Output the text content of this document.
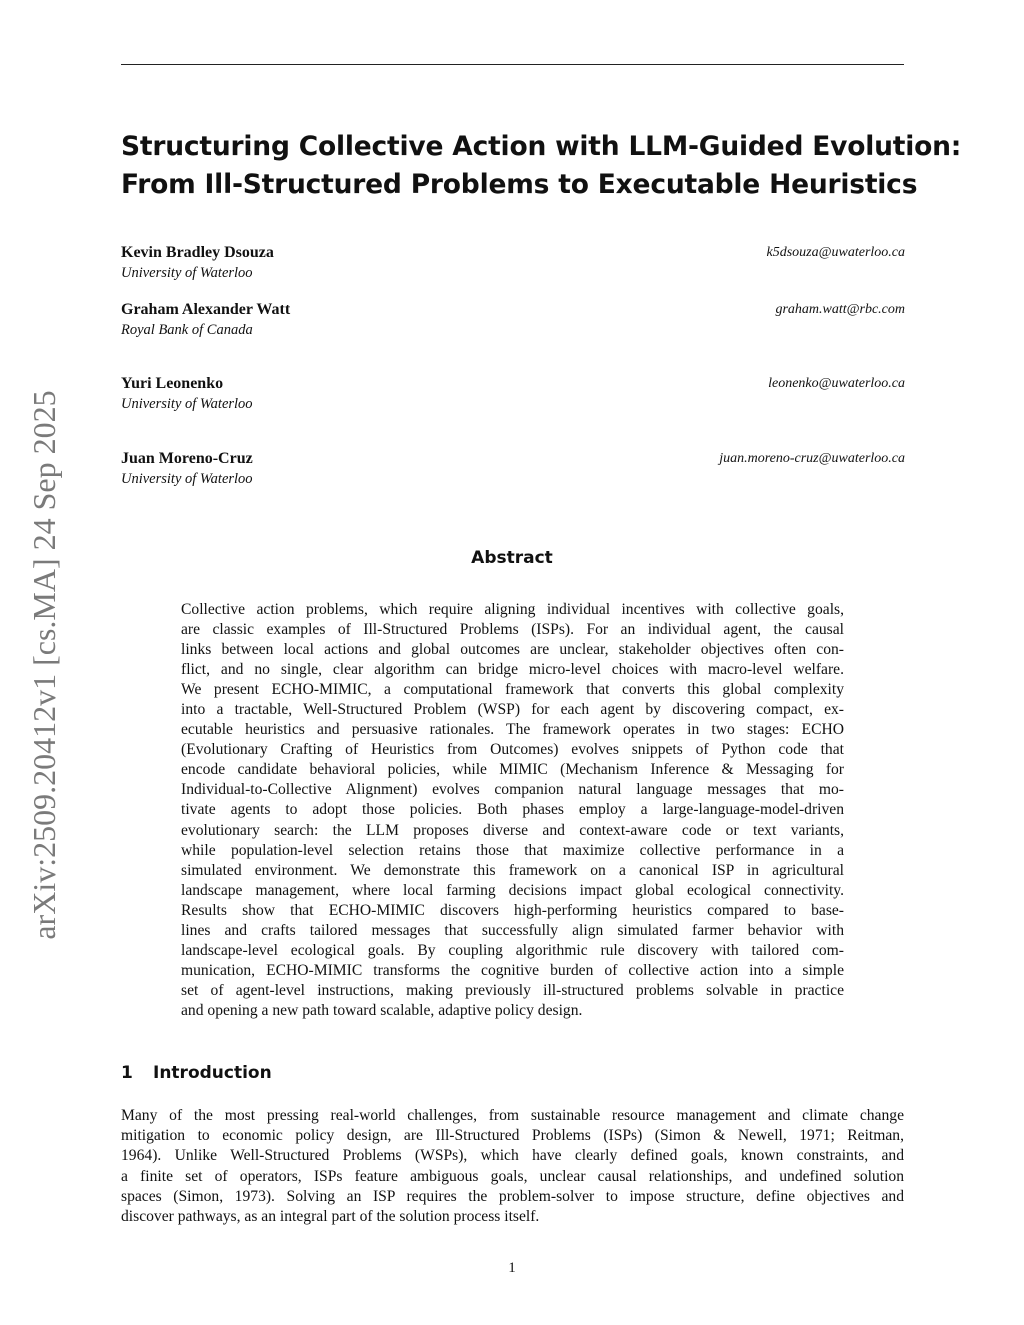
Structuring Collective Action with LLM-Guided Evolution:
From Ill-Structured Problems to Executable Heuristics
Kevin Bradley Dsouza
University of Waterloo
k5dsouza@uwaterloo.ca
Graham Alexander Watt
Royal Bank of Canada
graham.watt@rbc.com
Yuri Leonenko
University of Waterloo
leonenko@uwaterloo.ca
Juan Moreno-Cruz
University of Waterloo
juan.moreno-cruz@uwaterloo.ca
Abstract
Collective action problems, which require aligning individual incentives with collective goals,
are classic examples of Ill-Structured Problems (ISPs). For an individual agent, the causal
links between local actions and global outcomes are unclear, stakeholder objectives often con-
flict, and no single, clear algorithm can bridge micro-level choices with macro-level welfare.
We present ECHO-MIMIC, a computational framework that converts this global complexity
into a tractable, Well-Structured Problem (WSP) for each agent by discovering compact, ex-
ecutable heuristics and persuasive rationales. The framework operates in two stages: ECHO
(Evolutionary Crafting of Heuristics from Outcomes) evolves snippets of Python code that
encode candidate behavioral policies, while MIMIC (Mechanism Inference & Messaging for
Individual-to-Collective Alignment) evolves companion natural language messages that mo-
tivate agents to adopt those policies. Both phases employ a large-language-model-driven
evolutionary search: the LLM proposes diverse and context-aware code or text variants,
while population-level selection retains those that maximize collective performance in a
simulated environment. We demonstrate this framework on a canonical ISP in agricultural
landscape management, where local farming decisions impact global ecological connectivity.
Results show that ECHO-MIMIC discovers high-performing heuristics compared to base-
lines and crafts tailored messages that successfully align simulated farmer behavior with
landscape-level ecological goals. By coupling algorithmic rule discovery with tailored com-
munication, ECHO-MIMIC transforms the cognitive burden of collective action into a simple
set of agent-level instructions, making previously ill-structured problems solvable in practice
and opening a new path toward scalable, adaptive policy design.
1 Introduction
Many of the most pressing real-world challenges, from sustainable resource management and climate change
mitigation to economic policy design, are Ill-Structured Problems (ISPs) (Simon & Newell, 1971; Reitman,
1964). Unlike Well-Structured Problems (WSPs), which have clearly defined goals, known constraints, and
a finite set of operators, ISPs feature ambiguous goals, unclear causal relationships, and undefined solution
spaces (Simon, 1973). Solving an ISP requires the problem-solver to impose structure, define objectives and
discover pathways, as an integral part of the solution process itself.
arXiv:2509.20412v1 [cs.MA] 24 Sep 2025
1
